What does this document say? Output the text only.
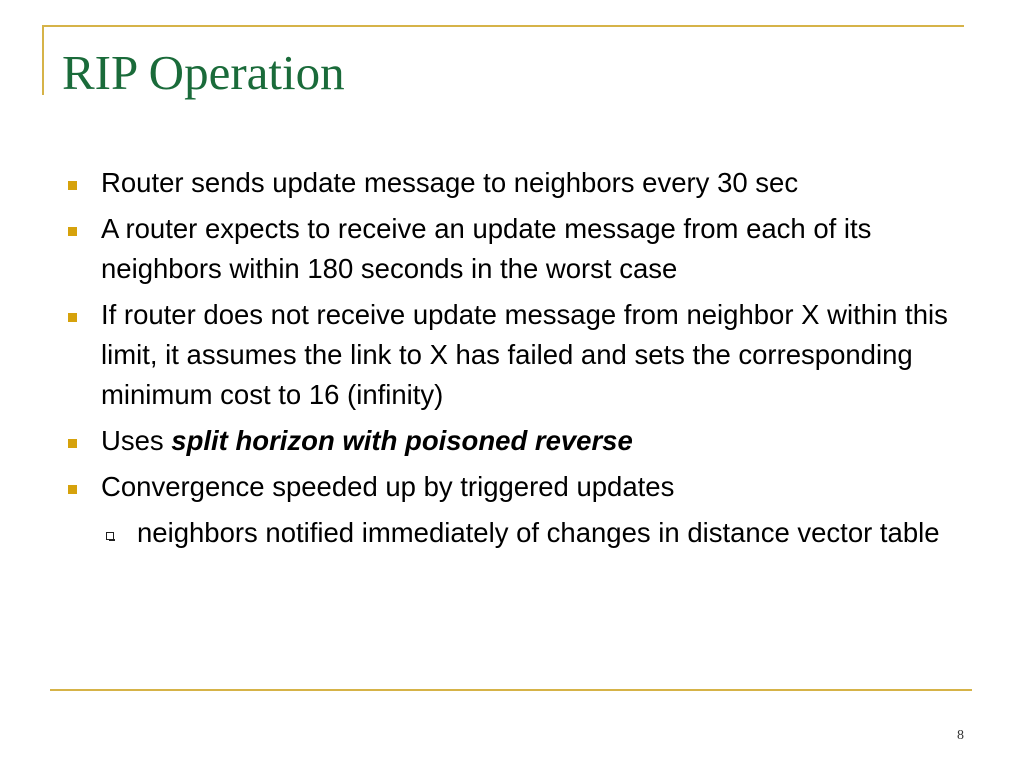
RIP Operation
Router sends update message to neighbors every 30 sec
A router expects to receive an update message from each of its neighbors within 180 seconds in the worst case
If router does not receive update message from neighbor X within this limit, it assumes the link to X has failed and sets the corresponding minimum cost to 16 (infinity)
Uses split horizon with poisoned reverse
Convergence speeded up by triggered updates
neighbors notified immediately of changes in distance vector table
8
